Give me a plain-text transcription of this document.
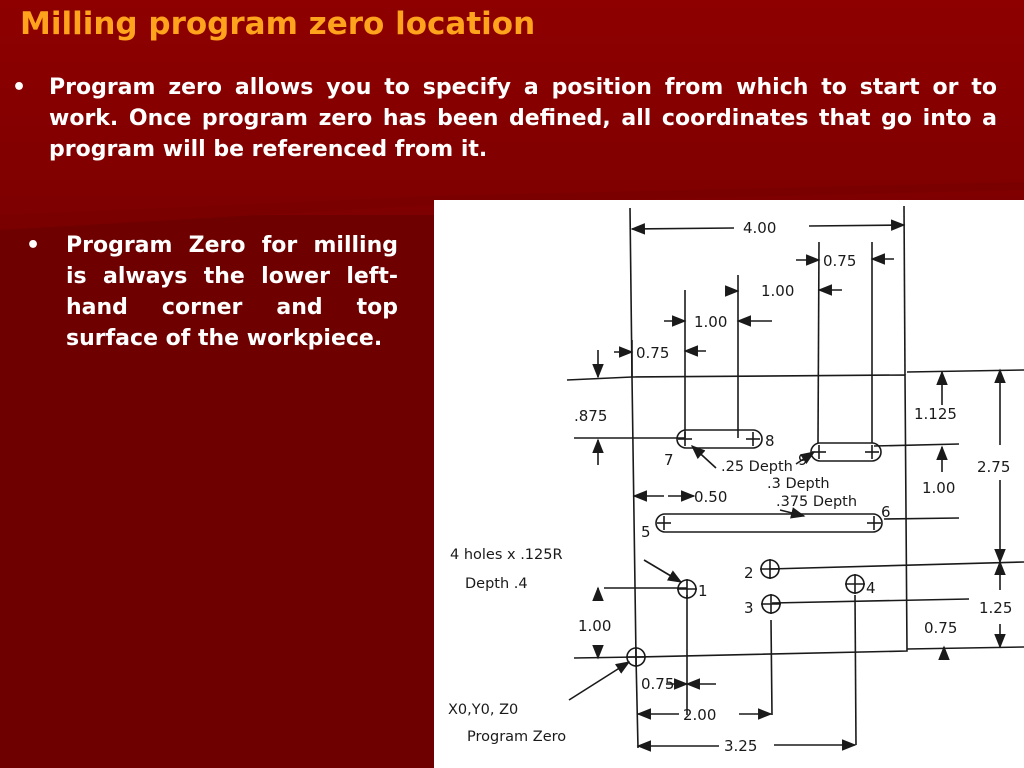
Milling program zero location
• Program zero allows you to specify a position from which to start or to work. Once program zero has been defined, all coordinates that go into a program will be referenced from it.
• Program Zero for milling is always the lower left-hand corner and top surface of the workpiece.
4.00
0.75
1.00
1.00
0.75
.875	1.125
2.75
1.00
0.50
1.00
1.25
0.75
0.75
2.00
3.25
.25 Depth
.3 Depth
.375 Depth
4 holes x .125R
Depth .4
X0,Y0, Z0
Program Zero
1
2
3
4
5
6
7
8
9
